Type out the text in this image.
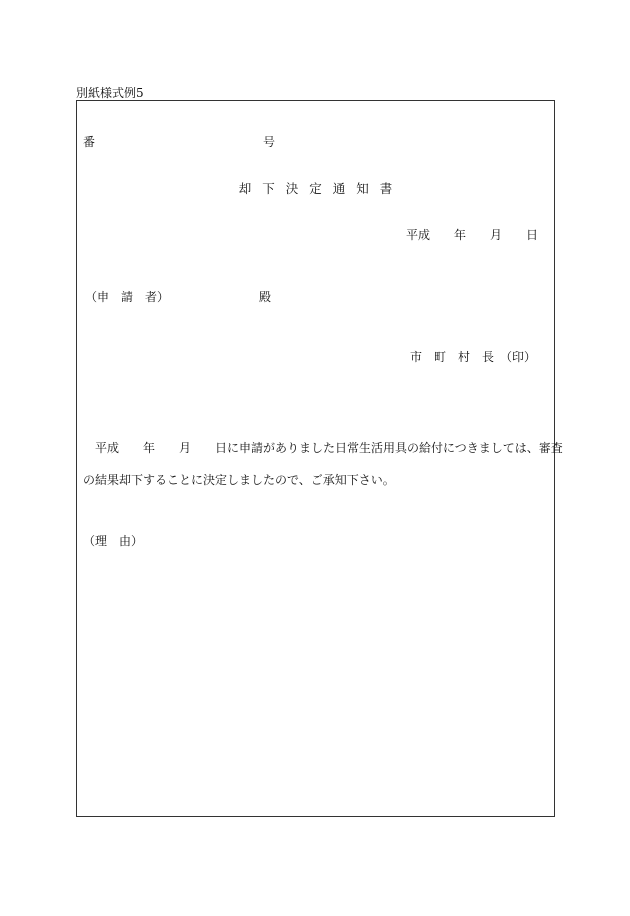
別紙様式例5
番　　号
却下決定通知書
平成　　年　　月　　日
（申　請　者）	殿
市　町　村　長　（印）
平成　　年　　月　　日に申請がありました日常生活用具の給付につきましては、審査
の結果却下することに決定しましたので、ご承知下さい。
（理　由）
